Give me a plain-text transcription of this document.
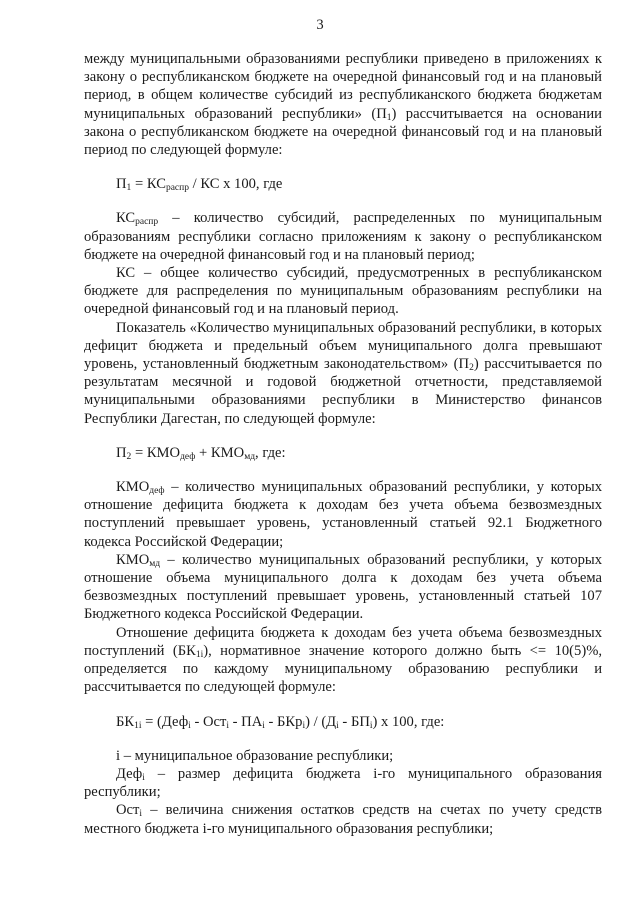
3

между муниципальными образованиями республики приведено в приложениях к закону о республиканском бюджете на очередной финансовый год и на плановый период, в общем количестве субсидий из республиканского бюджета бюджетам муниципальных образований республики» $(П_1)$ рассчитывается на основании закона о республиканском бюджете на очередной финансовый год и на плановый период по следующей формуле:

$П_1 = КС_{распр}$ / КС х 100, где

$КС_{распр}$ – количество субсидий, распределенных по муниципальным образованиям республики согласно приложениям к закону о республиканском бюджете на очередной финансовый год и на плановый период;

КС – общее количество субсидий, предусмотренных в республиканском бюджете для распределения по муниципальным образованиям республики на очередной финансовый год и на плановый период.

Показатель «Количество муниципальных образований республики, в которых дефицит бюджета и предельный объем муниципального долга превышают уровень, установленный бюджетным законодательством» $(П_2)$ рассчитывается по результатам месячной и годовой бюджетной отчетности, представляемой муниципальными образованиями республики в Министерство финансов Республики Дагестан, по следующей формуле:

$П_2 = КМО_{деф} + КМО_{мд}$, где:

$КМО_{деф}$ – количество муниципальных образований республики, у которых отношение дефицита бюджета к доходам без учета объема безвозмездных поступлений превышает уровень, установленный статьей 92.1 Бюджетного кодекса Российской Федерации;

$КМО_{мд}$ – количество муниципальных образований республики, у которых отношение объема муниципального долга к доходам без учета объема безвозмездных поступлений превышает уровень, установленный статьей 107 Бюджетного кодекса Российской Федерации.

Отношение дефицита бюджета к доходам без учета объема безвозмездных поступлений $(БК_{1i})$, нормативное значение которого должно быть <= 10(5)%, определяется по каждому муниципальному образованию республики и рассчитывается по следующей формуле:

$БК_{1i} = (Деф_i - Ост_i - ПА_i - БКр_i) / (Д_i - БП_i)$ х 100, где:

i – муниципальное образование республики;

Деф$_i$ – размер дефицита бюджета i-го муниципального образования республики;

Ост$_i$ – величина снижения остатков средств на счетах по учету средств местного бюджета i-го муниципального образования республики;
